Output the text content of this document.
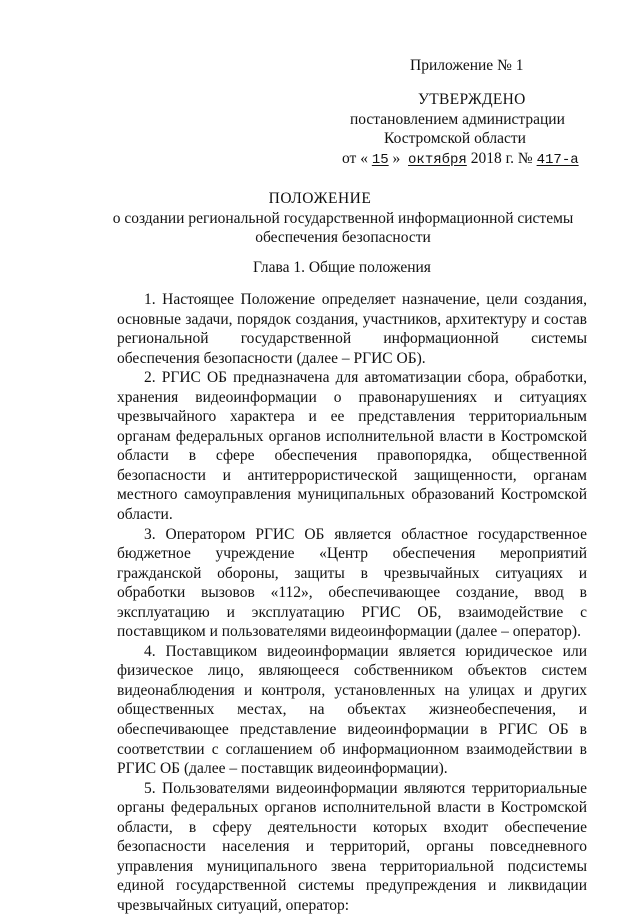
Приложение № 1
УТВЕРЖДЕНО
постановлением администрации
Костромской области
от « 15 » октября 2018 г. № 417-а
ПОЛОЖЕНИЕ
о создании региональной государственной информационной системы
обеспечения безопасности
Глава 1. Общие положения

1. Настоящее Положение определяет назначение, цели создания, основные задачи, порядок создания, участников, архитектуру и состав региональной государственной информационной системы обеспечения безопасности (далее – РГИС ОБ).

2. РГИС ОБ предназначена для автоматизации сбора, обработки, хранения видеоинформации о правонарушениях и ситуациях чрезвычайного характера и ее представления территориальным органам федеральных органов исполнительной власти в Костромской области в сфере обеспечения правопорядка, общественной безопасности и антитеррористической защищенности, органам местного самоуправления муниципальных образований Костромской области.

3. Оператором РГИС ОБ является областное государственное бюджетное учреждение «Центр обеспечения мероприятий гражданской обороны, защиты в чрезвычайных ситуациях и обработки вызовов «112», обеспечивающее создание, ввод в эксплуатацию и эксплуатацию РГИС ОБ, взаимодействие с поставщиком и пользователями видеоинформации (далее – оператор).

4. Поставщиком видеоинформации является юридическое или физическое лицо, являющееся собственником объектов систем видеонаблюдения и контроля, установленных на улицах и других общественных местах, на объектах жизнеобеспечения, и обеспечивающее представление видеоинформации в РГИС ОБ в соответствии с соглашением об информационном взаимодействии в РГИС ОБ (далее – поставщик видеоинформации).

5. Пользователями видеоинформации являются территориальные органы федеральных органов исполнительной власти в Костромской области, в сферу деятельности которых входит обеспечение безопасности населения и территорий, органы повседневного управления муниципального звена территориальной подсистемы единой государственной системы предупреждения и ликвидации чрезвычайных ситуаций, оператор:
